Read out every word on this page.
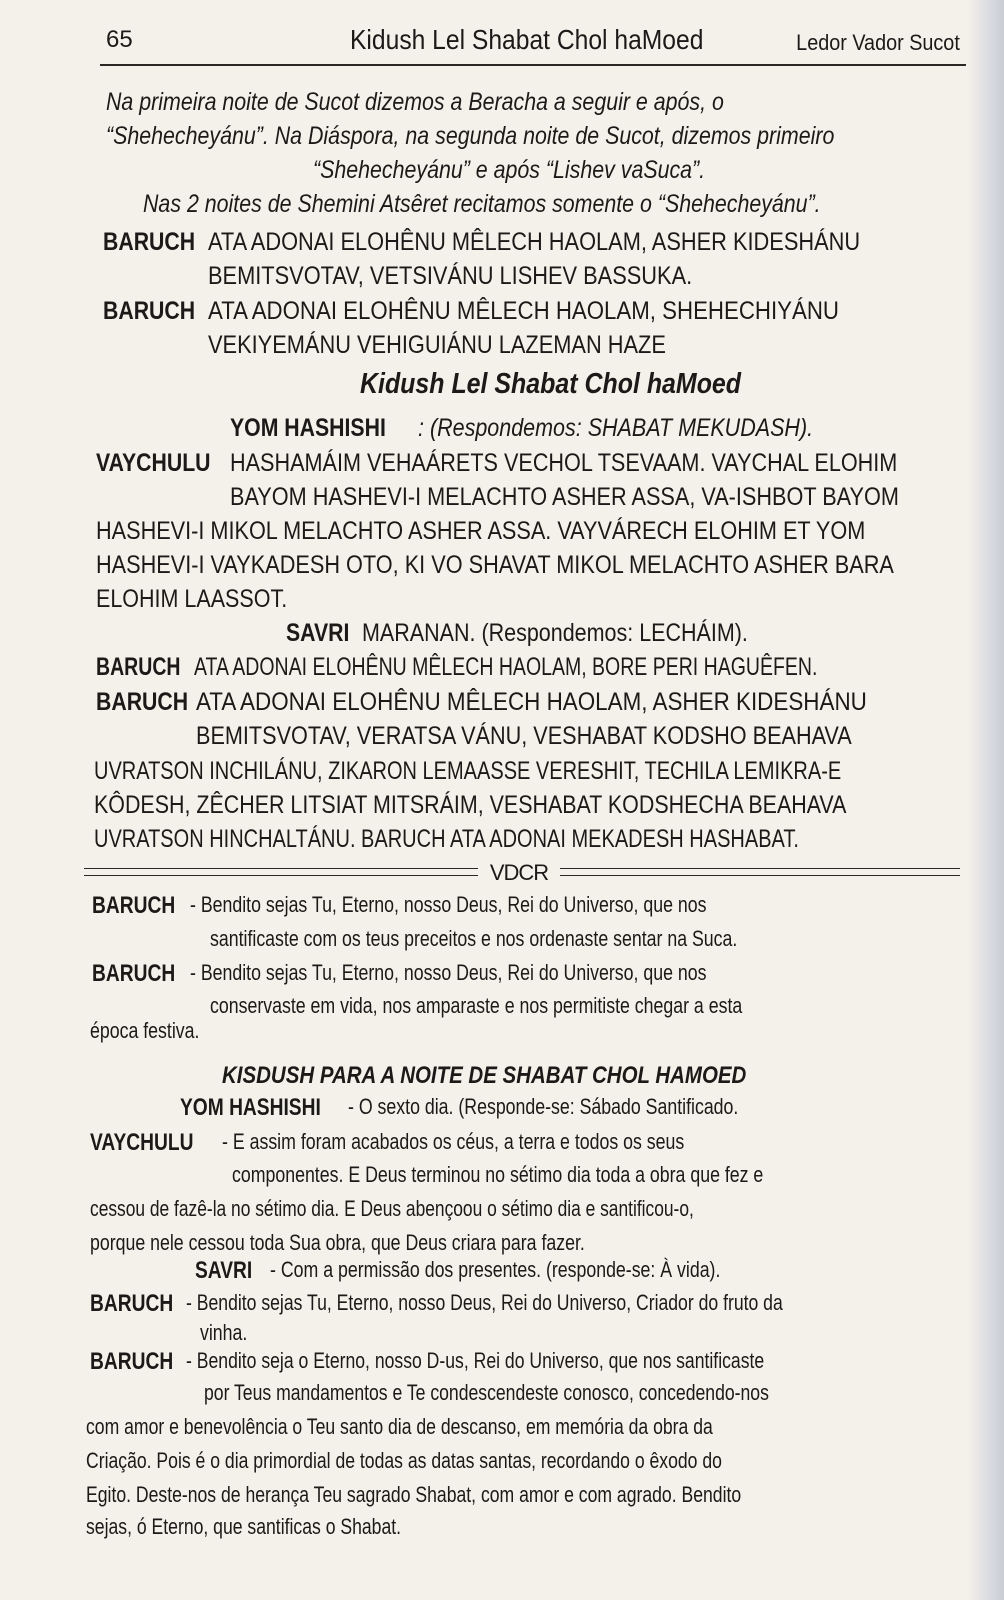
65	Kidush Lel Shabat Chol haMoed	Ledor Vador Sucot
Na primeira noite de Sucot dizemos a Beracha a seguir e após, o
“Shehecheyánu”. Na Diáspora, na segunda noite de Sucot, dizemos primeiro
“Shehecheyánu” e após “Lishev vaSuca”.
Nas 2 noites de Shemini Atsêret recitamos somente o “Shehecheyánu”.
BARUCH ATA ADONAI ELOHÊNU MÊLECH HAOLAM, ASHER KIDESHÁNU
BEMITSVOTAV, VETSIVÁNU LISHEV BASSUKA.
BARUCH ATA ADONAI ELOHÊNU MÊLECH HAOLAM, SHEHECHIYÁNU
VEKIYEMÁNU VEHIGUIÁNU LAZEMAN HAZE
Kidush Lel Shabat Chol haMoed
YOM HASHISHI : (Respondemos: SHABAT MEKUDASH).
VAYCHULU HASHAMÁIM VEHAÁRETS VECHOL TSEVAAM. VAYCHAL ELOHIM
BAYOM HASHEVI-I MELACHTO ASHER ASSA, VA-ISHBOT BAYOM
HASHEVI-I MIKOL MELACHTO ASHER ASSA. VAYVÁRECH ELOHIM ET YOM
HASHEVI-I VAYKADESH OTO, KI VO SHAVAT MIKOL MELACHTO ASHER BARA
ELOHIM LAASSOT.
SAVRI MARANAN. (Respondemos: LECHÁIM).
BARUCH ATA ADONAI ELOHÊNU MÊLECH HAOLAM, BORE PERI HAGUÊFEN.
BARUCH ATA ADONAI ELOHÊNU MÊLECH HAOLAM, ASHER KIDESHÁNU
BEMITSVOTAV, VERATSA VÁNU, VESHABAT KODSHO BEAHAVA
UVRATSON INCHILÁNU, ZIKARON LEMAASSE VERESHIT, TECHILA LEMIKRA-E
KÔDESH, ZÊCHER LITSIAT MITSRÁIM, VESHABAT KODSHECHA BEAHAVA
UVRATSON HINCHALTÁNU. BARUCH ATA ADONAI MEKADESH HASHABAT.
VDCR
BARUCH - Bendito sejas Tu, Eterno, nosso Deus, Rei do Universo, que nos
santificaste com os teus preceitos e nos ordenaste sentar na Suca.
BARUCH - Bendito sejas Tu, Eterno, nosso Deus, Rei do Universo, que nos
conservaste em vida, nos amparaste e nos permitiste chegar a esta
época festiva.
KISDUSH PARA A NOITE DE SHABAT CHOL HAMOED
YOM HASHISHI - O sexto dia. (Responde-se: Sábado Santificado.
VAYCHULU - E assim foram acabados os céus, a terra e todos os seus
componentes. E Deus terminou no sétimo dia toda a obra que fez e
cessou de fazê-la no sétimo dia. E Deus abençoou o sétimo dia e santificou-o,
porque nele cessou toda Sua obra, que Deus criara para fazer.
SAVRI - Com a permissão dos presentes. (responde-se: À vida).
BARUCH - Bendito sejas Tu, Eterno, nosso Deus, Rei do Universo, Criador do fruto da
vinha.
BARUCH - Bendito seja o Eterno, nosso D-us, Rei do Universo, que nos santificaste
por Teus mandamentos e Te condescendeste conosco, concedendo-nos
com amor e benevolência o Teu santo dia de descanso, em memória da obra da
Criação. Pois é o dia primordial de todas as datas santas, recordando o êxodo do
Egito. Deste-nos de herança Teu sagrado Shabat, com amor e com agrado. Bendito
sejas, ó Eterno, que santificas o Shabat.
